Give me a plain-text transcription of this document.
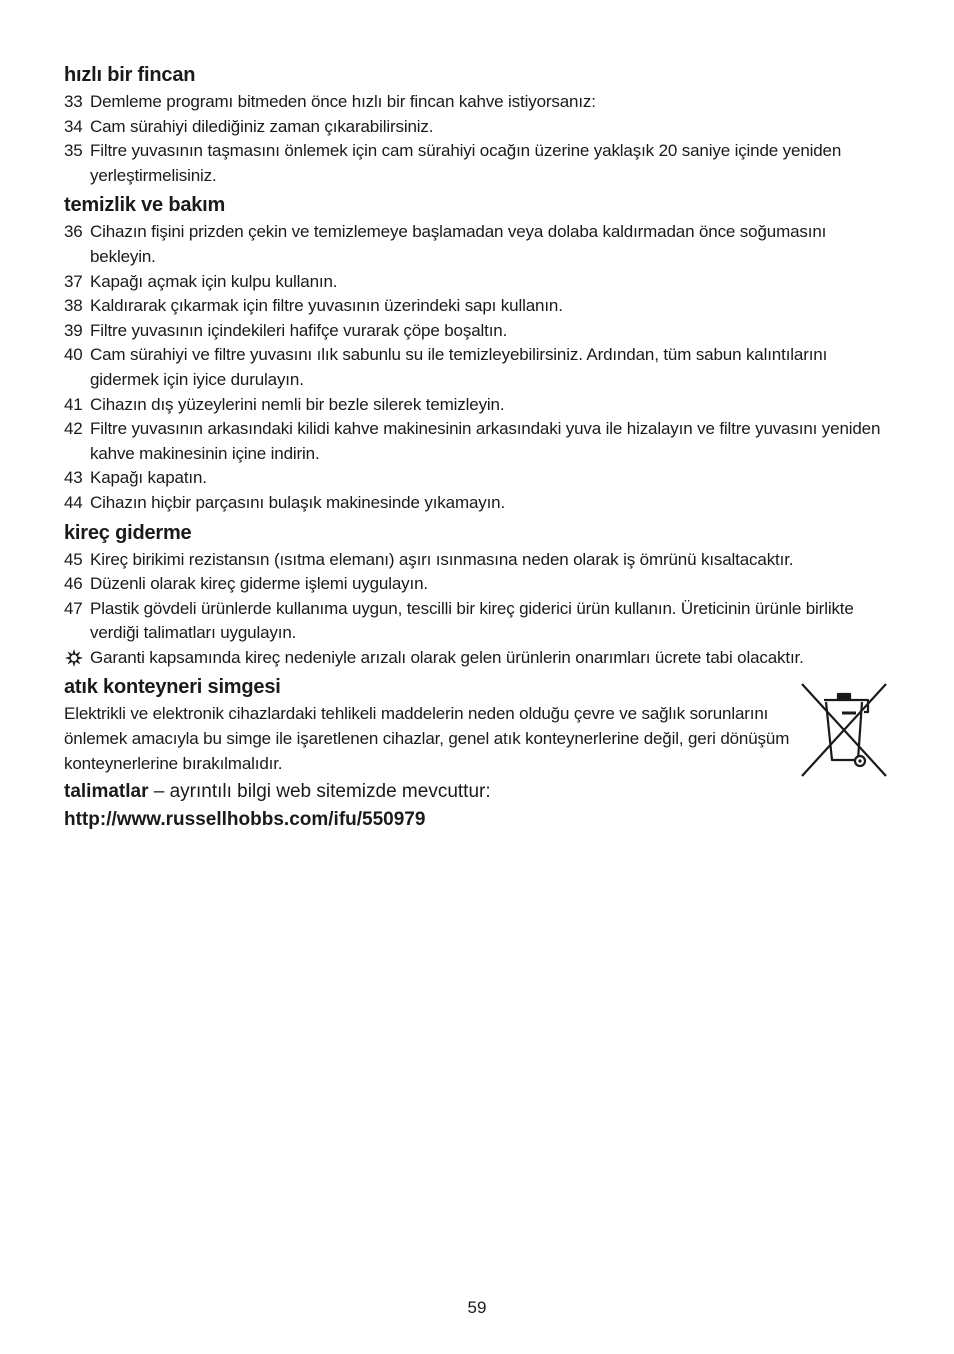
hızlı bir fincan
33 Demleme programı bitmeden önce hızlı bir fincan kahve istiyorsanız:
34 Cam sürahiyi dilediğiniz zaman çıkarabilirsiniz.
35 Filtre yuvasının taşmasını önlemek için cam sürahiyi ocağın üzerine yaklaşık 20 saniye içinde yeniden yerleştirmelisiniz.
temizlik ve bakım
36 Cihazın fişini prizden çekin ve temizlemeye başlamadan veya dolaba kaldırmadan önce soğumasını bekleyin.
37 Kapağı açmak için kulpu kullanın.
38 Kaldırarak çıkarmak için filtre yuvasının üzerindeki sapı kullanın.
39 Filtre yuvasının içindekileri hafifçe vurarak çöpe boşaltın.
40 Cam sürahiyi ve filtre yuvasını ılık sabunlu su ile temizleyebilirsiniz. Ardından, tüm sabun kalıntılarını gidermek için iyice durulayın.
41 Cihazın dış yüzeylerini nemli bir bezle silerek temizleyin.
42 Filtre yuvasının arkasındaki kilidi kahve makinesinin arkasındaki yuva ile hizalayın ve filtre yuvasını yeniden kahve makinesinin içine indirin.
43 Kapağı kapatın.
44 Cihazın hiçbir parçasını bulaşık makinesinde yıkamayın.
kireç giderme
45 Kireç birikimi rezistansın (ısıtma elemanı) aşırı ısınmasına neden olarak iş ömrünü kısaltacaktır.
46 Düzenli olarak kireç giderme işlemi uygulayın.
47 Plastik gövdeli ürünlerde kullanıma uygun, tescilli bir kireç giderici ürün kullanın. Üreticinin ürünle birlikte verdiği talimatları uygulayın.
Garanti kapsamında kireç nedeniyle arızalı olarak gelen ürünlerin onarımları ücrete tabi olacaktır.
atık konteyneri simgesi

Elektrikli ve elektronik cihazlardaki tehlikeli maddelerin neden olduğu çevre ve sağlık sorunlarını önlemek amacıyla bu simge ile işaretlenen cihazlar, genel atık konteynerlerine değil, geri dönüşüm konteynerlerine bırakılmalıdır.

talimatlar – ayrıntılı bilgi web sitemizde mevcuttur:

http://www.russellhobbs.com/ifu/550979

59
